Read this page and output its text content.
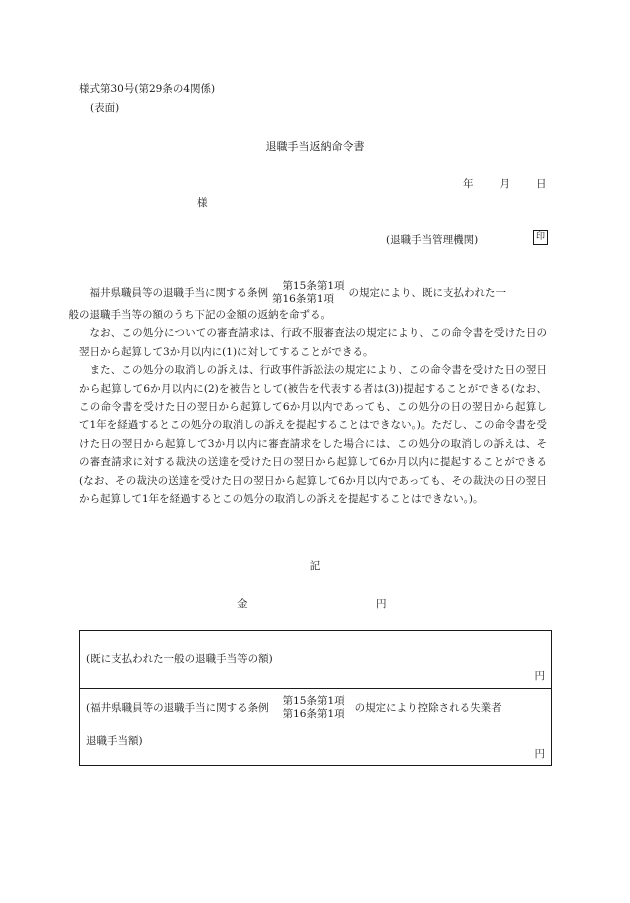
様式第30号(第29条の4関係)
(表面)
退職手当返納命令書
年 月 日
様
(退職手当管理機関)	印

福井県職員等の退職手当に関する条例第15条第1項
第16条第1項 の規定により、既に支払われた一
般の退職手当等の額のうち下記の金額の返納を命ずる。

なお、この処分についての審査請求は、行政不服審査法の規定により、この命令書を受けた日の翌日から起算して3か月以内に(1)に対してすることができる。

また、この処分の取消しの訴えは、行政事件訴訟法の規定により、この命令書を受けた日の翌日から起算して6か月以内に(2)を被告として(被告を代表する者は(3))提起することができる(なお、この命令書を受けた日の翌日から起算して6か月以内であっても、この処分の日の翌日から起算して1年を経過するとこの処分の取消しの訴えを提起することはできない。)。ただし、この命令書を受けた日の翌日から起算して3か月以内に審査請求をした場合には、この処分の取消しの訴えは、その審査請求に対する裁決の送達を受けた日の翌日から起算して6か月以内に提起することができる(なお、その裁決の送達を受けた日の翌日から起算して6か月以内であっても、その裁決の日の翌日から起算して1年を経過するとこの処分の取消しの訴えを提起することはできない。)。

記
金	円
(既に支払われた一般の退職手当等の額)
円
(福井県職員等の退職手当に関する条例第15条第1項
第16条第1項 の規定により控除される失業者
退職手当額)
円
